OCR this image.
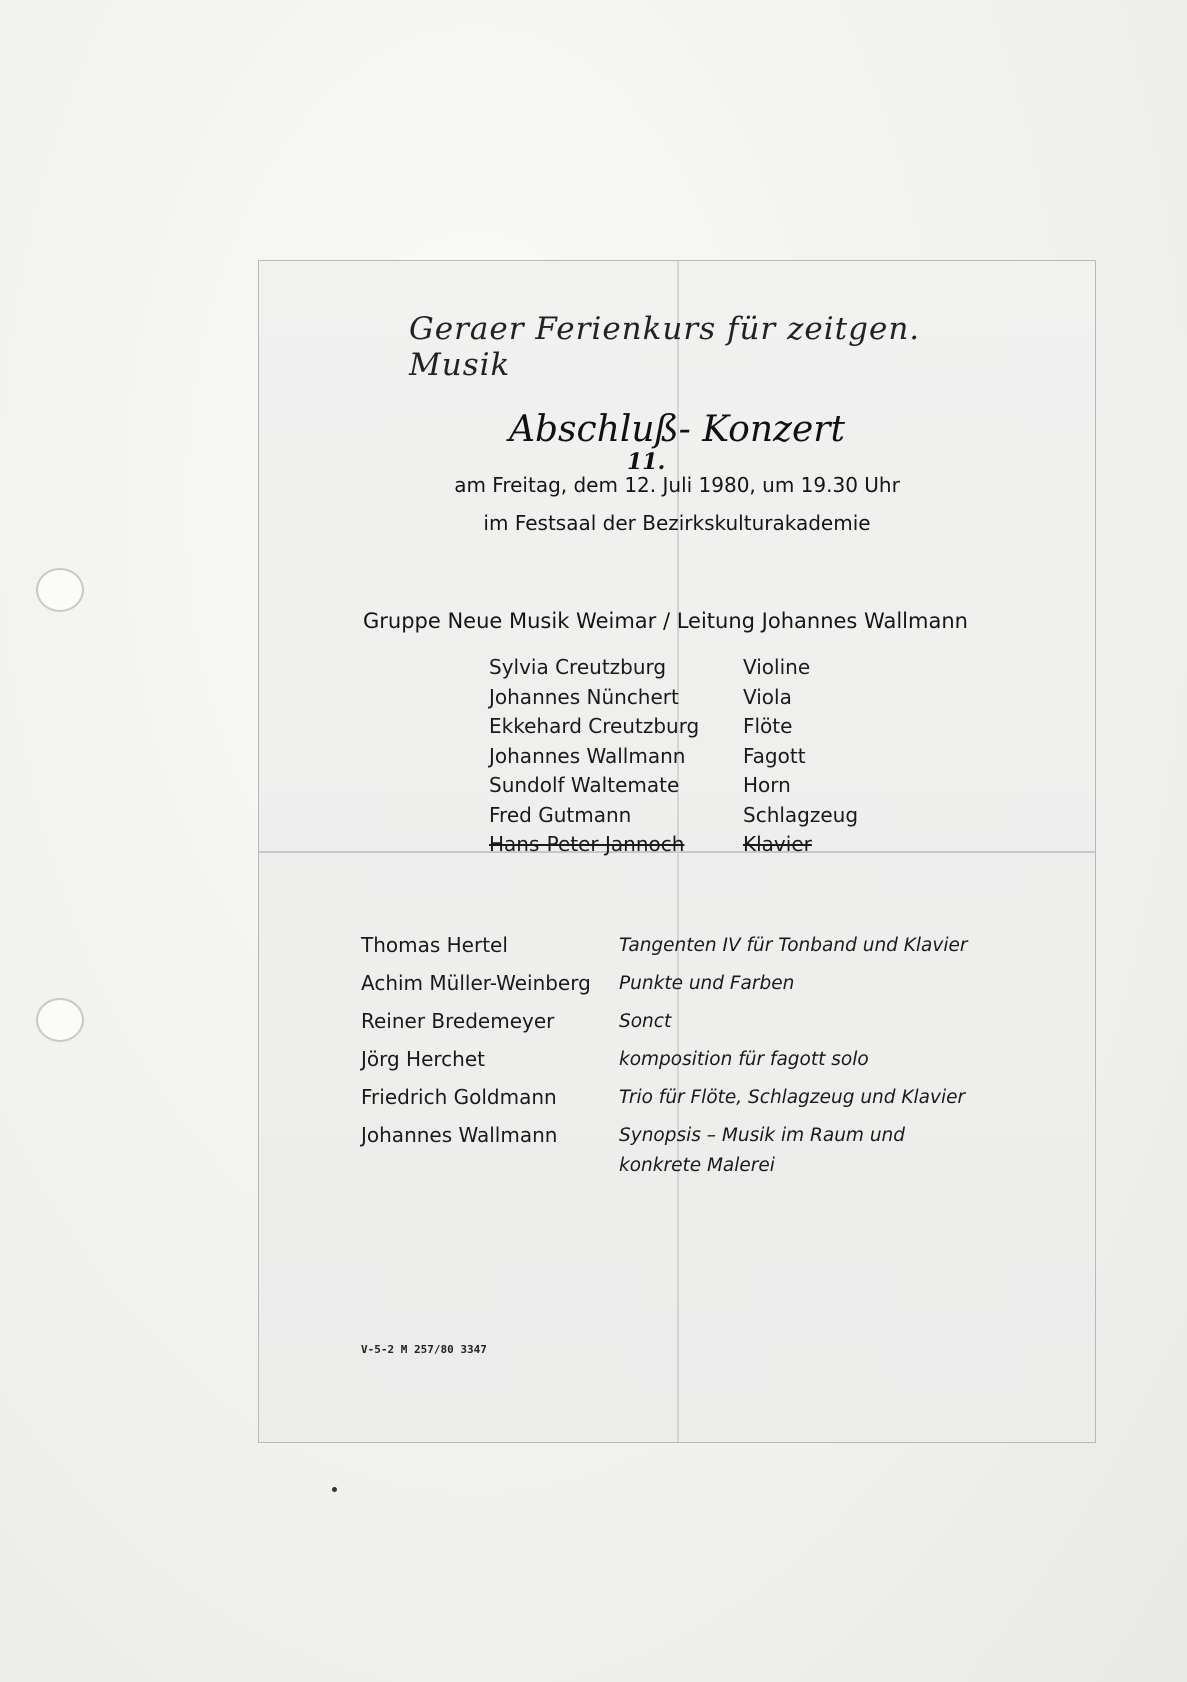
Geraer Ferienkurs für zeitgen. Musik
Abschluß- Konzert
11.
am Freitag, dem 12. Juli 1980, um 19.30 Uhr
im Festsaal der Bezirkskulturakademie
Gruppe Neue Musik Weimar / Leitung Johannes Wallmann
Sylvia Creutzburg	Violine
Johannes Nünchert	Viola
Ekkehard Creutzburg Flöte
Johannes Wallmann	Fagott
Sundolf Waltemate	Horn
Fred Gutmann	Schlagzeug
Hans-Peter Jannoch	Klavier
Thomas Hertel	Tangenten IV für Tonband und Klavier
Achim Müller-Weinberg Punkte und Farben
Reiner Bredemeyer	Sonct
Jörg Herchet	komposition für fagott solo
Friedrich Goldmann	Trio für Flöte, Schlagzeug und Klavier
Johannes Wallmann	Synopsis – Musik im Raum und konkrete Malerei
V-5-2 M 257/80 3347
